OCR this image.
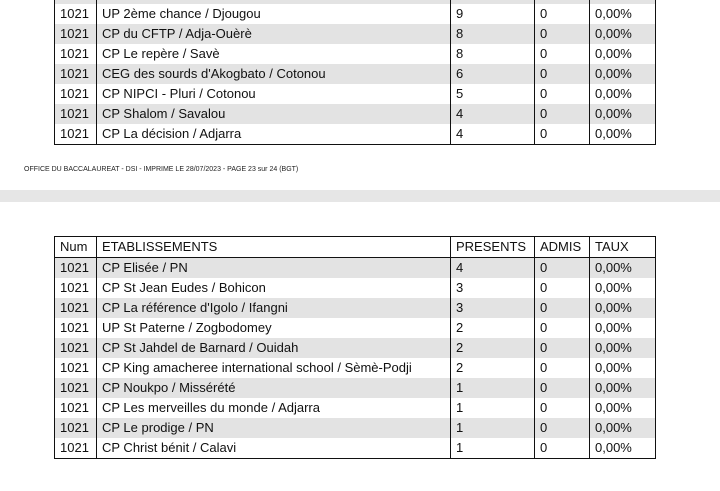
1021	UP 2ème chance / Djougou	9	0	0,00%
1021	CP du CFTP / Adja-Ouèrè	8	0	0,00%
1021	CP Le repère / Savè	8	0	0,00%
1021	CEG des sourds d'Akogbato / Cotonou	6	0	0,00%
1021	CP NIPCI - Pluri / Cotonou	5	0	0,00%
1021	CP Shalom / Savalou	4	0	0,00%
1021	CP La décision / Adjarra	4	0	0,00%
OFFICE DU BACCALAUREAT - DSI - IMPRIME LE 28/07/2023 - PAGE 23 sur 24 (BGT)
Num	ETABLISSEMENTS	PRESENTS	ADMIS	TAUX
1021	CP Elisée / PN	4	0	0,00%
1021	CP St Jean Eudes / Bohicon	3	0	0,00%
1021	CP La référence d'Igolo / Ifangni	3	0	0,00%
1021	UP St Paterne / Zogbodomey	2	0	0,00%
1021	CP St Jahdel de Barnard / Ouidah	2	0	0,00%
1021	CP King amacheree international school / Sèmè-Podji	2	0	0,00%
1021	CP Noukpo / Missérété	1	0	0,00%
1021	CP Les merveilles du monde / Adjarra	1	0	0,00%
1021	CP Le prodige / PN	1	0	0,00%
1021	CP Christ bénit / Calavi	1	0	0,00%
